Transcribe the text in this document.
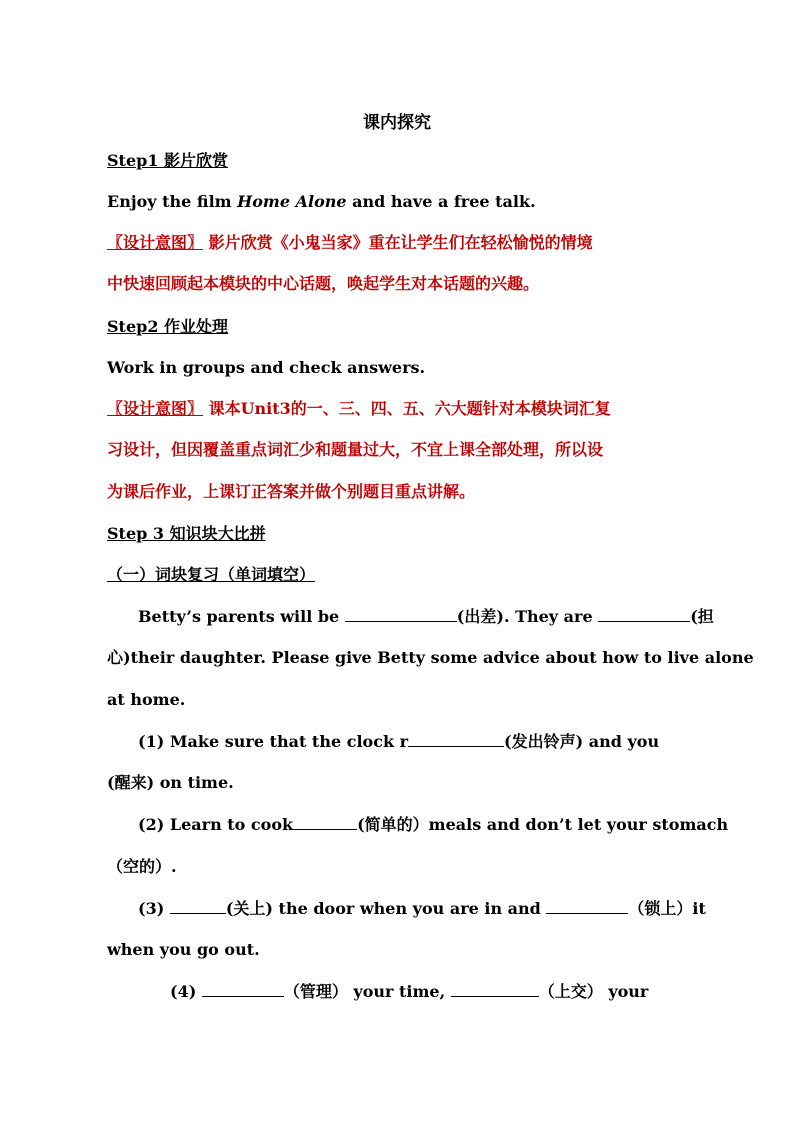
课内探究
Step1 影片欣赏
Enjoy the film Home Alone and have a free talk.
〖设计意图〗 影片欣赏《小鬼当家》重在让学生们在轻松愉悦的情境
中快速回顾起本模块的中心话题，唤起学生对本话题的兴趣。
Step2 作业处理
Work in groups and check answers.
〖设计意图〗 课本Unit3的一、三、四、五、六大题针对本模块词汇复
习设计，但因覆盖重点词汇少和题量过大，不宜上课全部处理，所以设
为课后作业，上课订正答案并做个别题目重点讲解。
Step 3 知识块大比拼
（一）词块复习（单词填空）
Betty’s parents will be	(出差). They are	(担
心)their daughter. Please give Betty some advice about how to live alone
at home.
(1) Make sure that the clock r	(发出铃声) and you
(醒来) on time.
(2) Learn to cook	(简单的）meals and don’t let your stomach
（空的）.
(3)	(关上) the door when you are in and	（锁上）it
when you go out.
(4)	（管理） your time,	（上交） your
